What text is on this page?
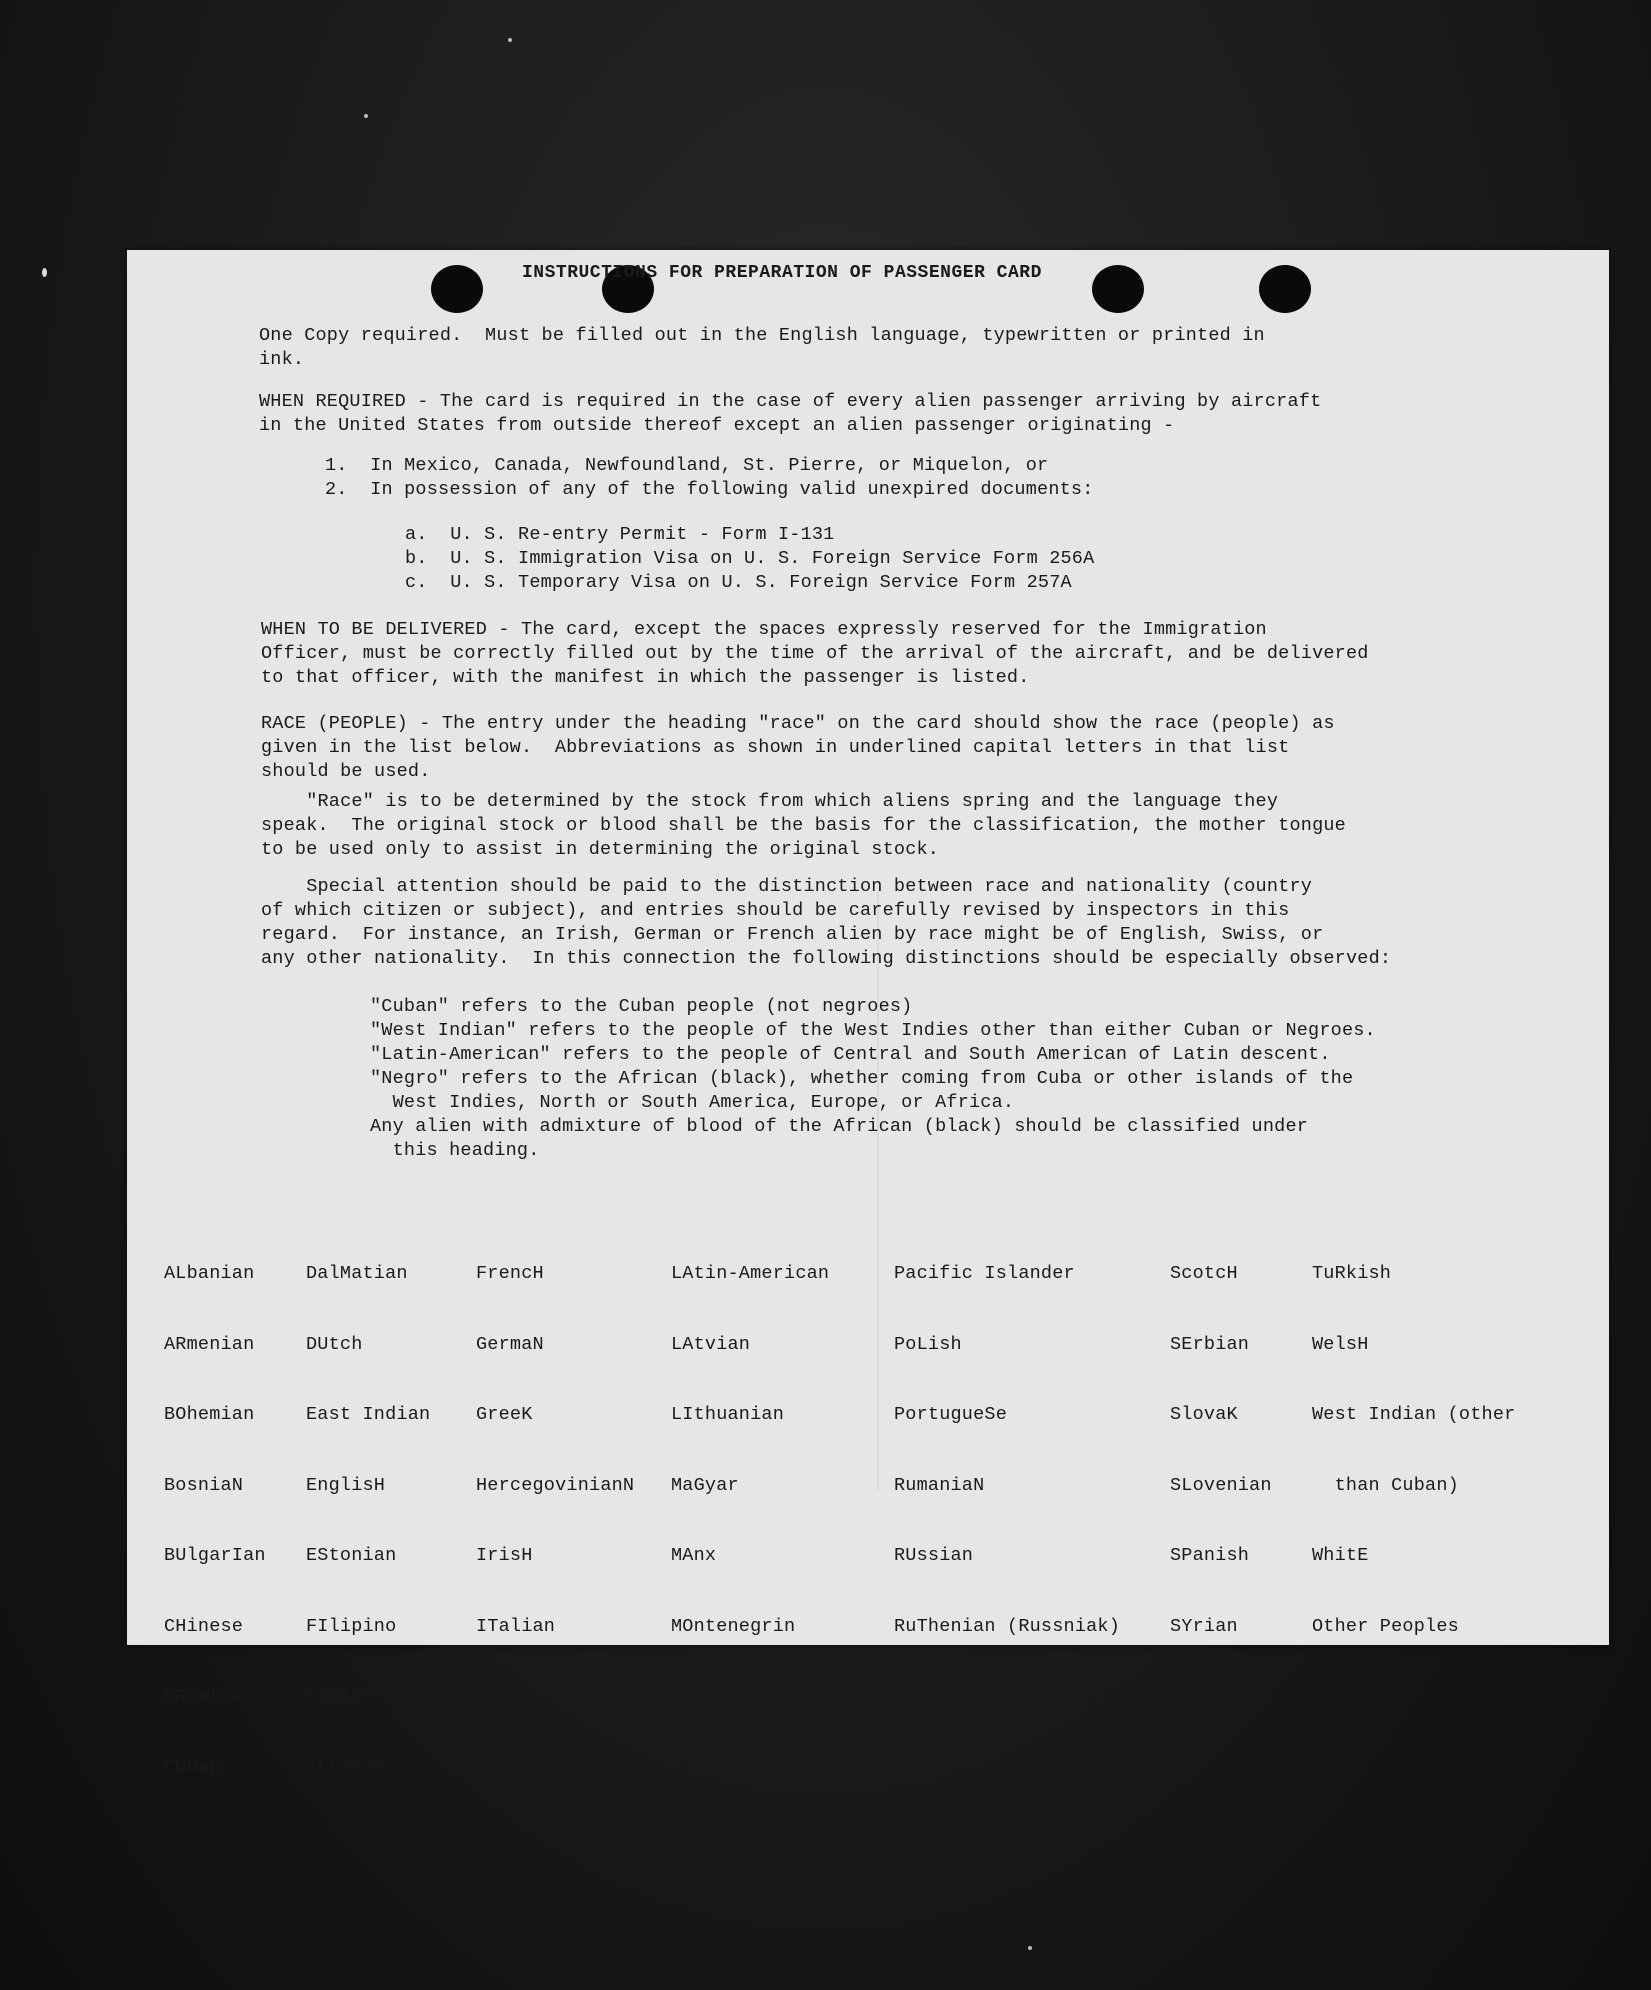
INSTRUCTIONS FOR PREPARATION OF PASSENGER CARD
One Copy required.  Must be filled out in the English language, typewritten or printed in
ink.
WHEN REQUIRED - The card is required in the case of every alien passenger arriving by aircraft
in the United States from outside thereof except an alien passenger originating -
1.  In Mexico, Canada, Newfoundland, St. Pierre, or Miquelon, or
2.  In possession of any of the following valid unexpired documents:
a.  U. S. Re-entry Permit - Form I-131
b.  U. S. Immigration Visa on U. S. Foreign Service Form 256A
c.  U. S. Temporary Visa on U. S. Foreign Service Form 257A
WHEN TO BE DELIVERED - The card, except the spaces expressly reserved for the Immigration
Officer, must be correctly filled out by the time of the arrival of the aircraft, and be delivered
to that officer, with the manifest in which the passenger is listed.
RACE (PEOPLE) - The entry under the heading "race" on the card should show the race (people) as
given in the list below.  Abbreviations as shown in underlined capital letters in that list
should be used.
"Race" is to be determined by the stock from which aliens spring and the language they
speak.  The original stock or blood shall be the basis for the classification, the mother tongue
to be used only to assist in determining the original stock.
Special attention should be paid to the distinction between race and nationality (country
of which citizen or subject), and entries should be carefully revised by inspectors in this
regard.  For instance, an Irish, German or French alien by race might be of English, Swiss, or
any other nationality.  In this connection the following distinctions should be especially observed:
"Cuban" refers to the Cuban people (not negroes)
"West Indian" refers to the people of the West Indies other than either Cuban or Negroes.
"Latin-American" refers to the people of Central and South American of Latin descent.
"Negro" refers to the African (black), whether coming from Cuba or other islands of the
West Indies, North or South America, Europe, or Africa.
Any alien with admixture of blood of the African (black) should be classified under
this heading.

ALbanian

ARmenian

BOhemian

BosniaN

BUlgarIan

CHinese

CRoatian

CUban

DalMatian

DUtch

East Indian

EnglisH

EStonian

FIlipino

FINish

FLemish

FrencH

GermaN

GreeK

HercegovinianN

IrisH

ITalian

JaPanese

KoreaN

LAtin-American

LAtvian

LIthuanian

MaGyar

MAnx

MOntenegrin

MoraviaN

NEgro

Pacific Islander

PoLish

PortugueSe

RumaniaN

RUssian

RuThenian (Russniak)

ScandinaviaN (Norwe-

gians, Danes, and

Swedes)

ScotcH

SErbian

SlovaK

SLovenian

SPanish

SYrian

TuRkish

WelsH

West Indian (other

than Cuban)

WhitE

Other Peoples
